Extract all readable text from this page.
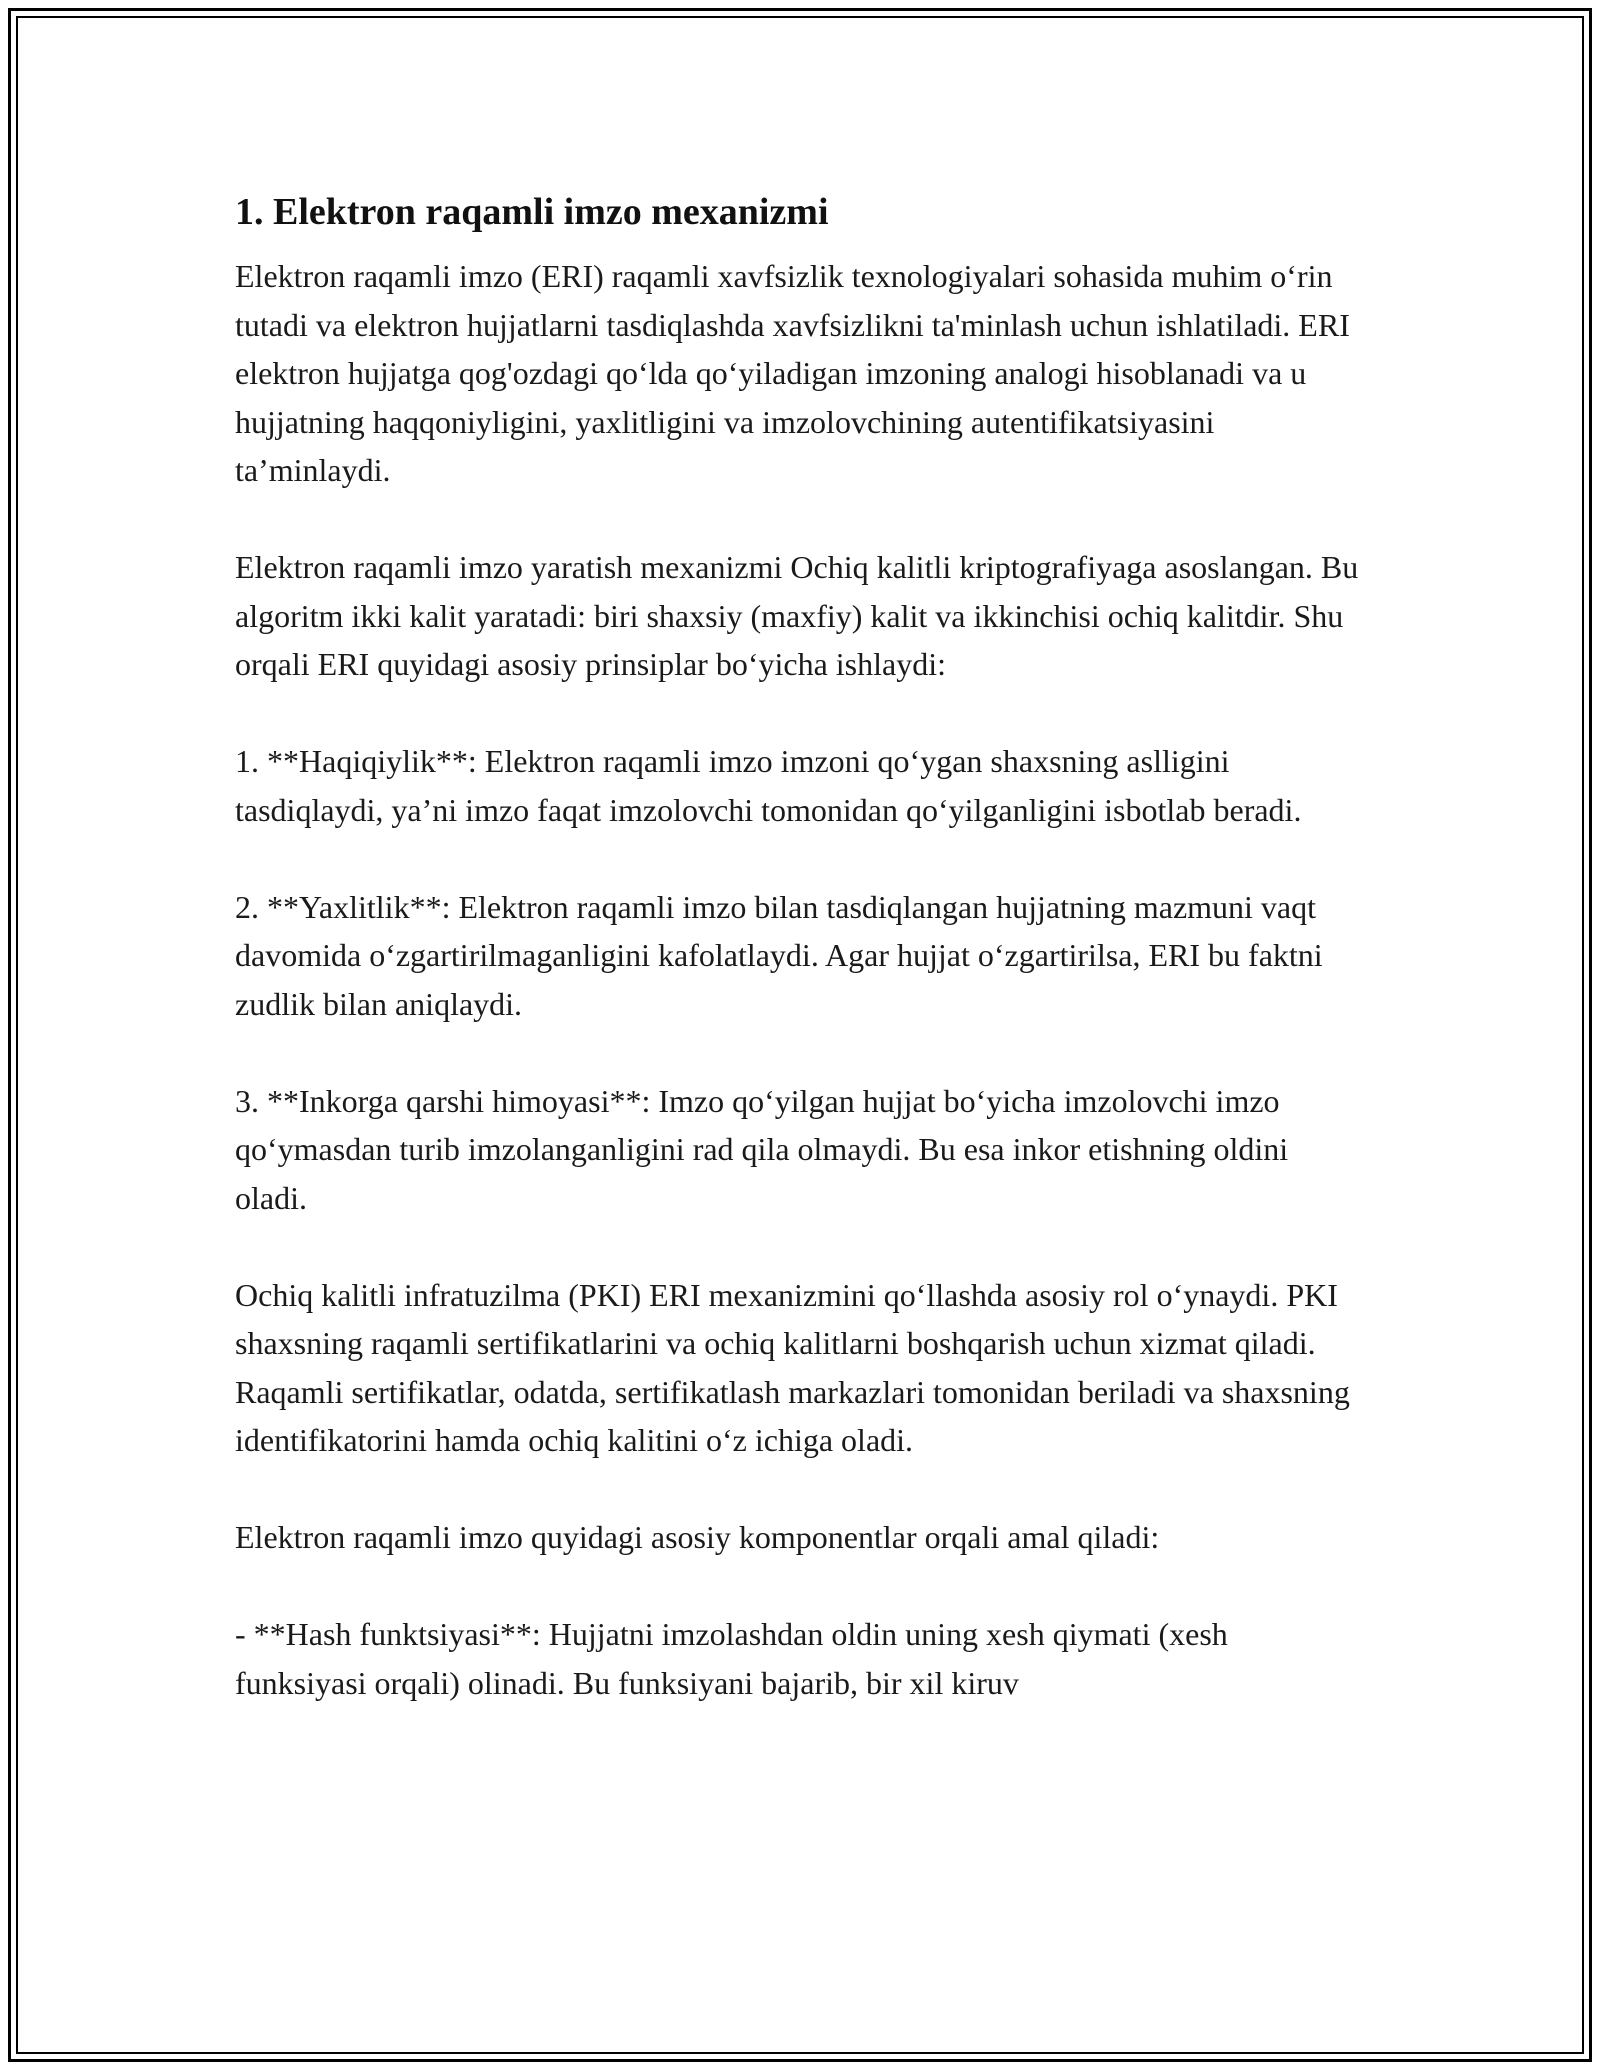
1. Elektron raqamli imzo mexanizmi

Elektron raqamli imzo (ERI) raqamli xavfsizlik texnologiyalari sohasida muhim o‘rin tutadi va elektron hujjatlarni tasdiqlashda xavfsizlikni ta'minlash uchun ishlatiladi. ERI elektron hujjatga qog'ozdagi qo‘lda qo‘yiladigan imzoning analogi hisoblanadi va u hujjatning haqqoniyligini, yaxlitligini va imzolovchining autentifikatsiyasini ta’minlaydi.

Elektron raqamli imzo yaratish mexanizmi Ochiq kalitli kriptografiyaga asoslangan. Bu algoritm ikki kalit yaratadi: biri shaxsiy (maxfiy) kalit va ikkinchisi ochiq kalitdir. Shu orqali ERI quyidagi asosiy prinsiplar bo‘yicha ishlaydi:

1. **Haqiqiylik**: Elektron raqamli imzo imzoni qo‘ygan shaxsning aslligini tasdiqlaydi, ya’ni imzo faqat imzolovchi tomonidan qo‘yilganligini isbotlab beradi.

2. **Yaxlitlik**: Elektron raqamli imzo bilan tasdiqlangan hujjatning mazmuni vaqt davomida o‘zgartirilmaganligini kafolatlaydi. Agar hujjat o‘zgartirilsa, ERI bu faktni zudlik bilan aniqlaydi.

3. **Inkorga qarshi himoyasi**: Imzo qo‘yilgan hujjat bo‘yicha imzolovchi imzo qo‘ymasdan turib imzolanganligini rad qila olmaydi. Bu esa inkor etishning oldini oladi.

Ochiq kalitli infratuzilma (PKI) ERI mexanizmini qo‘llashda asosiy rol o‘ynaydi. PKI shaxsning raqamli sertifikatlarini va ochiq kalitlarni boshqarish uchun xizmat qiladi. Raqamli sertifikatlar, odatda, sertifikatlash markazlari tomonidan beriladi va shaxsning identifikatorini hamda ochiq kalitini o‘z ichiga oladi.

Elektron raqamli imzo quyidagi asosiy komponentlar orqali amal qiladi:

- **Hash funktsiyasi**: Hujjatni imzolashdan oldin uning xesh qiymati (xesh funksiyasi orqali) olinadi. Bu funksiyani bajarib, bir xil kiruv
